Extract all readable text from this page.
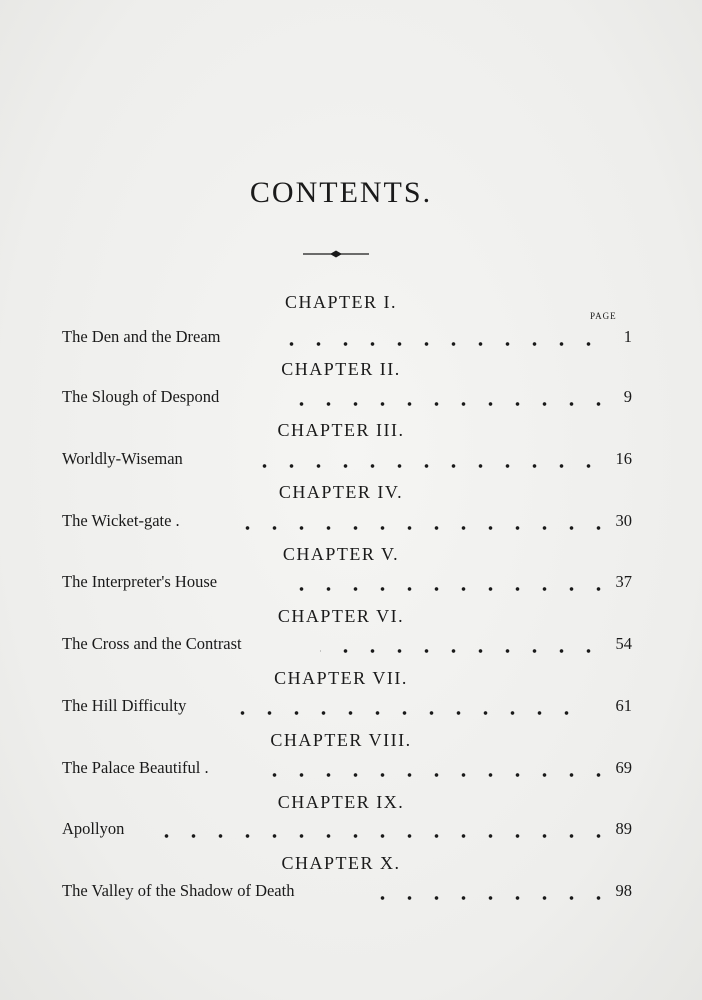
CONTENTS.
PAGE
CHAPTER I.
The Den and the Dream	1
CHAPTER II.
The Slough of Despond	9
CHAPTER III.
Worldly-Wiseman	16
CHAPTER IV.
The Wicket-gate .	30
CHAPTER V.
The Interpreter's House	37
CHAPTER VI.
The Cross and the Contrast	54
CHAPTER VII.
The Hill Difficulty	61
CHAPTER VIII.
The Palace Beautiful .	69
CHAPTER IX.
Apollyon	89
CHAPTER X.
The Valley of the Shadow of Death	98
